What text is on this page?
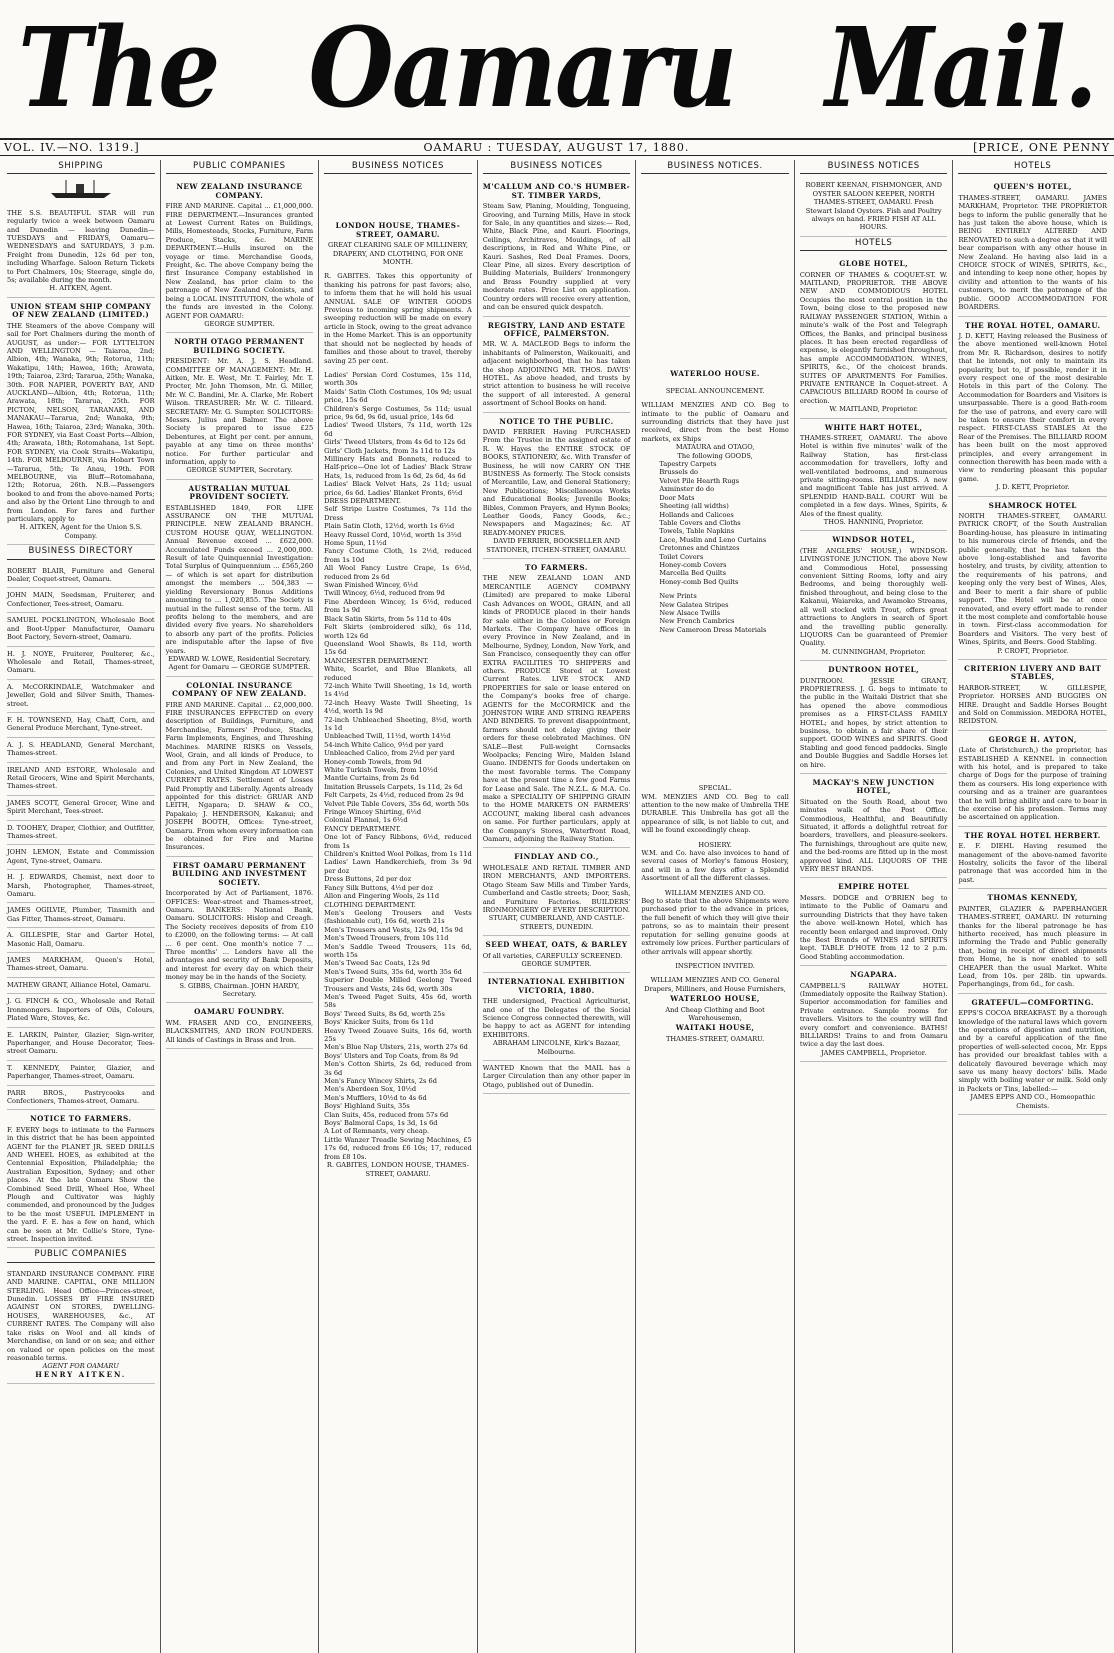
The Oamaru Mail.
VOL. IV.—NO. 1319.]	OAMARU : TUESDAY, AUGUST 17, 1880.	[PRICE, ONE PENNY
SHIPPING
THE S.S. BEAUTIFUL STAR will run regularly twice a week between Oamaru and Dunedin — leaving Dunedin—TUESDAYS and FRIDAYS, Oamaru—WEDNESDAYS and SATURDAYS, 3 p.m. Freight from Dunedin, 12s 6d per ton, including Wharfage. Saloon Return Tickets to Port Chalmers, 10s; Steerage, single do, 5s; available during the month.
H. AITKEN, Agent.
UNION STEAM SHIP COMPANY OF NEW ZEALAND (LIMITED.)
THE Steamers of the above Company will sail for Port Chalmers during the month of AUGUST, as under:— FOR LYTTELTON AND WELLINGTON — Taiaroa, 2nd; Albion, 4th; Wanaka, 9th; Rotorua, 11th; Wakatipu, 14th; Hawea, 16th; Arawata, 19th; Taiaroa, 23rd; Tararua, 25th; Wanaka, 30th. FOR NAPIER, POVERTY BAY, AND AUCKLAND—Albion, 4th; Rotorua, 11th; Arawata, 18th; Tararua, 25th. FOR PICTON, NELSON, TARANAKI, AND MANAKAU—Tararua, 2nd; Wanaka, 9th; Hawea, 16th; Taiaroa, 23rd; Wanaka, 30th. FOR SYDNEY, via East Coast Ports—Albion, 4th; Arawata, 18th; Rotomahana, 1st Sept. FOR SYDNEY, via Cook Straits—Wakatipu, 14th. FOR MELBOURNE, via Hobart Town—Tararua, 5th; Te Anau, 19th. FOR MELBOURNE, via Bluff—Rotomahana, 12th; Rotorua, 26th. N.B.—Passengers booked to and from the above-named Ports; and also by the Orient Line through to and from London. For fares and further particulars, apply to
H. AITKEN, Agent for the Union S.S. Company.
BUSINESS DIRECTORY
ROBERT BLAIR, Furniture and General Dealer, Coquet-street, Oamaru.
JOHN MAIN, Seedsman, Fruiterer, and Confectioner, Tees-street, Oamaru.
SAMUEL POCKLINGTON, Wholesale Boot and Boot-Upper Manufacturer, Oamaru Boot Factory, Severn-street, Oamaru.
H. J. NOYE, Fruiterer, Poulterer, &c., Wholesale and Retail, Thames-street, Oamaru.
A. McCORKINDALE, Watchmaker and Jeweller, Gold and Silver Smith, Thames-street.
F. H. TOWNSEND, Hay, Chaff, Corn, and General Produce Merchant, Tyne-street.
A. J. S. HEADLAND, General Merchant, Thames-street.
IRELAND AND ESTORE, Wholesale and Retail Grocers, Wine and Spirit Merchants, Thames-street.
JAMES SCOTT, General Grocer, Wine and Spirit Merchant, Tees-street.
D. TOOHEY, Draper, Clothier, and Outfitter, Thames-street.
JOHN LEMON, Estate and Commission Agent, Tyne-street, Oamaru.
H. J. EDWARDS, Chemist, next door to Marsh, Photographer, Thames-street, Oamaru.
JAMES OGILVIE, Plumber, Tinsmith and Gas Fitter, Thames-street, Oamaru.
A. GILLESPIE, Star and Garter Hotel, Masonic Hall, Oamaru.
JAMES MARKHAM, Queen's Hotel, Thames-street, Oamaru.
MATHEW GRANT, Alliance Hotel, Oamaru.
J. G. FINCH & CO., Wholesale and Retail Ironmongers. Importers of Oils, Colours, Plated Ware, Stoves, &c.
E. LARKIN, Painter, Glazier, Sign-writer, Paperhanger, and House Decorator, Tees-street Oamaru.
T. KENNEDY, Painter, Glazier, and Paperhanger, Thames-street, Oamaru.
PARR BROS., Pastrycooks and Confectioners, Thames-street, Oamaru.
NOTICE TO FARMERS.
F. EVERY begs to intimate to the Farmers in this district that he has been appointed AGENT for the PLANET JR. SEED DRILLS AND WHEEL HOES, as exhibited at the Centennial Exposition, Philadelphia; the Australian Exposition, Sydney; and other places. At the late Oamaru Show the Combined Seed Drill, Wheel Hoe, Wheel Plough and Cultivator was highly commended, and pronounced by the Judges to be the most USEFUL IMPLEMENT in the yard. F. E. has a few on hand, which can be seen at Mr. Collie's Store, Tyne-street. Inspection invited.
PUBLIC COMPANIES
STANDARD INSURANCE COMPANY. FIRE AND MARINE. CAPITAL, ONE MILLION STERLING. Head Office—Princes-street, Dunedin. LOSSES BY FIRE INSURED AGAINST ON STORES, DWELLING-HOUSES, WAREHOUSES, &c., AT CURRENT RATES. The Company will also take risks on Wool and all kinds of Merchandise, on land or on sea; and either on valued or open policies on the most reasonable terms.
AGENT FOR OAMARU
HENRY AITKEN.
PUBLIC COMPANIES
NEW ZEALAND INSURANCE COMPANY.
FIRE AND MARINE. Capital ... £1,000,000. FIRE DEPARTMENT.—Insurances granted at Lowest Current Rates on Buildings, Mills, Homesteads, Stocks, Furniture, Farm Produce, Stacks, &c. MARINE DEPARTMENT.—Hulls insured on the voyage or time. Merchandise Goods, Freight, &c. The above Company being the first Insurance Company established in New Zealand, has prior claim to the patronage of New Zealand Colonists, and being a LOCAL INSTITUTION, the whole of the funds are invested in the Colony. AGENT FOR OAMARU:
GEORGE SUMPTER.
NORTH OTAGO PERMANENT BUILDING SOCIETY.
PRESIDENT: Mr. A. J. S. Headland. COMMITTEE OF MANAGEMENT: Mr. H. Aitken, Mr. E. West, Mr. T. Fairley, Mr. T. Procter, Mr. John Thomson, Mr. G. Miller, Mr. W. C. Bandini, Mr. A. Clarke, Mr. Robert Wilson. TREASURER: Mr. W. C. Tilleard. SECRETARY: Mr. G. Sumpter. SOLICITORS: Messrs. Julius and Balmer. The above Society is prepared to issue £25 Debentures, at Eight per cent. per annum, payable at any time on three months' notice. For further particular and information, apply to
GEORGE SUMPTER, Secretary.
AUSTRALIAN MUTUAL PROVIDENT SOCIETY.
ESTABLISHED 1849, FOR LIFE ASSURANCE ON THE MUTUAL PRINCIPLE. NEW ZEALAND BRANCH. CUSTOM HOUSE QUAY, WELLINGTON. Annual Revenue exceed ... £622,000. Accumulated Funds exceed ... 2,000,000. Result of late Quinquennial Investigation: Total Surplus of Quinquennium ... £565,260 — of which is set apart for distribution amongst the members ... 504,383 — yielding Reversionary Bonus Additions amounting to ... 1,020,855. The Society is mutual in the fullest sense of the term. All profits belong to the members, and are divided every five years. No shareholders to absorb any part of the profits. Policies are indisputable after the lapse of five years.
EDWARD W. LOWE, Residential Secretary. Agent for Oamaru — GEORGE SUMPTER.
COLONIAL INSURANCE COMPANY OF NEW ZEALAND.
FIRE AND MARINE. Capital ... £2,000,000. FIRE INSURANCES EFFECTED on every description of Buildings, Furniture, and Merchandise, Farmers' Produce, Stacks, Farm Implements, Engines, and Threshing Machines. MARINE RISKS on Vessels, Wool, Grain, and all kinds of Produce, to and from any Port in New Zealand, the Colonies, and United Kingdom AT LOWEST CURRENT RATES. Settlement of Losses Paid Promptly and Liberally. Agents already appointed for this district: GRUAR AND LEITH, Ngapara; D. SHAW & CO., Papakaio; J. HENDERSON, Kakanui; and JOSEPH BOOTH, Offices: Tyne-street, Oamaru. From whom every information can be obtained for Fire and Marine Insurances.
FIRST OAMARU PERMANENT BUILDING AND INVESTMENT SOCIETY.
Incorporated by Act of Parliament, 1876. OFFICES: Wear-street and Thames-street, Oamaru. BANKERS: National Bank, Oamaru. SOLICITORS: Hislop and Creagh. The Society receives deposits of from £10 to £2000, on the following terms: — At call ... 6 per cent. One month's notice 7 ... Three months' ... Lenders have all the advantages and security of Bank Deposits, and interest for every day on which their money may be in the hands of the Society.
S. GIBBS, Chairman. JOHN HARDY, Secretary.
OAMARU FOUNDRY.
WM. FRASER AND CO., ENGINEERS, BLACKSMITHS, AND IRON FOUNDERS. All kinds of Castings in Brass and Iron.
BUSINESS NOTICES
LONDON HOUSE, THAMES-STREET, OAMARU.
GREAT CLEARING SALE OF MILLINERY, DRAPERY, AND CLOTHING, FOR ONE MONTH.
R. GABITES. Takes this opportunity of thanking his patrons for past favors; also, to inform them that he will hold his usual ANNUAL SALE OF WINTER GOODS Previous to incoming spring shipments. A sweeping reduction will be made on every article in Stock, owing to the great advance in the Home Market. This is an opportunity that should not be neglected by heads of families and those about to travel, thereby saving 25 per cent.
Ladies' Persian Cord Costumes, 15s 11d, worth 30s
Maids' Satin Cloth Costumes, 10s 9d; usual price, 15s 6d
Children's Serge Costumes, 5s 11d; usual price, 9s 6d, 9s 6d, usual price, 14s 6d
Ladies' Tweed Ulsters, 7s 11d, worth 12s 6d
Girls' Tweed Ulsters, from 4s 6d to 12s 6d
Girls' Cloth Jackets, from 3s 11d to 12s
Millinery Hats and Bonnets, reduced to Half-price—One lot of Ladies' Black Straw Hats, 1s, reduced from 1s 6d, 2s 6d, 4s 6d
Ladies' Black Velvet Hats, 2s 11d; usual price, 6s 6d. Ladies' Blanket Fronts, 6½d
DRESS DEPARTMENT.
Self Stripe Lustre Costumes, 7s 11d the Dress
Plain Satin Cloth, 12½d, worth 1s 6½d
Heavy Russel Cord, 10½d, worth 1s 3½d
Home Spun, 11½d
Fancy Costume Cloth, 1s 2½d, reduced from 1s 10d
All Wool Fancy Lustre Crape, 1s 6½d, reduced from 2s 6d
Swan Finished Wincey, 6½d
Twill Wincey, 6½d, reduced from 9d
Fine Aberdeen Wincey, 1s 6½d, reduced from 1s 9d
Black Satin Skirts, from 5s 11d to 40s
Felt Skirts (embroidered silk), 6s 11d, worth 12s 6d
Queensland Wool Shawls, 8s 11d, worth 15s 6d
MANCHESTER DEPARTMENT.
White, Scarlet, and Blue Blankets, all reduced
72-inch White Twill Sheeting, 1s 1d, worth 1s 4½d
72-inch Heavy Waste Twill Sheeting, 1s 4½d, worth 1s 9d
72-inch Unbleached Sheeting, 8½d, worth 1s 1d
Unbleached Twill, 11½d, worth 14½d
54-inch White Calico, 9½d per yard
Unbleached Calico, from 2½d per yard
Honey-comb Towels, from 9d
White Turkish Towels, from 10½d
Mantle Curtains, from 2s 6d
Imitation Brussels Carpets, 1s 11d, 2s 6d
Felt Carpets, 2s 4½d, reduced from 2s 9d
Velvet Pile Table Covers, 35s 6d, worth 50s
Fringe Wincey Shirting, 6½d
Colonial Flannel, 1s 6½d
FANCY DEPARTMENT.
One lot of Fancy Ribbons, 6½d, reduced from 1s
Children's Knitted Wool Polkas, from 1s 11d
Ladies' Lawn Handkerchiefs, from 3s 9d per doz
Dress Buttons, 2d per doz
Fancy Silk Buttons, 4½d per doz
Allon and Fingering Wools, 2s 11d
CLOTHING DEPARTMENT.
Men's Geelong Trousers and Vests (fashionable cut), 16s 6d, worth 21s
Men's Trousers and Vests, 12s 9d, 15s 9d
Men's Tweed Trousers, from 10s 11d
Men's Saddle Tweed Trousers, 11s 6d, worth 15s
Men's Tweed Sac Coats, 12s 9d
Men's Tweed Suits, 35s 6d, worth 35s 6d
Superior Double Milled Geelong Tweed Trousers and Vests, 24s 6d, worth 30s
Men's Tweed Paget Suits, 45s 6d, worth 58s
Boys' Tweed Suits, 8s 6d, worth 25s
Boys' Knicker Suits, from 6s 11d
Heavy Tweed Zouave Suits, 16s 6d, worth 25s
Men's Blue Nap Ulsters, 21s, worth 27s 6d
Boys' Ulsters and Top Coats, from 8s 9d
Men's Cotton Shirts, 2s 6d, reduced from 3s 6d
Men's Fancy Wincey Shirts, 2s 6d
Men's Aberdeen Sox, 10½d
Men's Mufflers, 10½d to 4s 6d
Boys' Highland Suits, 35s
Clan Suits, 45s, reduced from 57s 6d
Boys' Balmoral Caps, 1s 3d, 1s 6d
A Lot of Remnants, very cheap.
Little Wanzer Treadle Sewing Machines, £5 17s 6d, reduced from £6 10s; 17, reduced from £8 10s.
R. GABITES, LONDON HOUSE, THAMES-STREET, OAMARU.
BUSINESS NOTICES
M'CALLUM AND CO.'S HUMBER-ST. TIMBER YARDS,
Steam Saw, Planing, Moulding, Tongueing, Grooving, and Turning Mills, Have in stock for Sale, in any quantities and sizes:— Red, White, Black Pine, and Kauri. Floorings, Ceilings, Architraves, Mouldings, of all descriptions, in Red and White Pine, or Kauri. Sashes, Red Deal Frames. Doors, Clear Pine, all sizes. Every description of Building Materials, Builders' Ironmongery and Brass Foundry supplied at very moderate rates. Price List on application. Country orders will receive every attention, and can be ensured quick despatch.
REGISTRY, LAND AND ESTATE OFFICE, PALMERSTON.
MR. W. A. MACLEOD Begs to inform the inhabitants of Palmerston, Waikouaiti, and adjacent neighborhood, that he has taken the shop ADJOINING MR. THOS. DAVIS' HOTEL. As above headed, and trusts by strict attention to business he will receive the support of all interested. A general assortment of School Books on hand.
NOTICE TO THE PUBLIC.
DAVID FERRIER Having PURCHASED From the Trustee in the assigned estate of R. W. Hayes the ENTIRE STOCK OF BOOKS, STATIONERY, &c. With Transfer of Business, he will now CARRY ON THE BUSINESS As formerly. The Stock consists of Mercantile, Law, and General Stationery; New Publications; Miscellaneous Works and Educational Books; Juvenile Books; Bibles, Common Prayers, and Hymn Books; Leather Goods, Fancy Goods, &c.; Newspapers and Magazines; &c. AT READY-MONEY PRICES.
DAVID FERRIER, BOOKSELLER AND STATIONER, ITCHEN-STREET, OAMARU.
TO FARMERS.
THE NEW ZEALAND LOAN AND MERCANTILE AGENCY COMPANY (Limited) are prepared to make Liberal Cash Advances on WOOL, GRAIN, and all kinds of PRODUCE placed in their hands for sale either in the Colonies or Foreign Markets. The Company have offices in every Province in New Zealand, and in Melbourne, Sydney, London, New York, and San Francisco, consequently they can offer EXTRA FACILITIES TO SHIPPERS and others. PRODUCE Stored at Lowest Current Rates. LIVE STOCK AND PROPERTIES for sale or lease entered on the Company's books free of charge. AGENTS for the McCORMICK and the JOHNSTON WIRE AND STRING REAPERS AND BINDERS. To prevent disappointment, farmers should not delay giving their orders for these celebrated Machines. ON SALE—Best Full-weight Cornsacks Woolpacks; Fencing Wire, Malden Island Guano. INDENTS for Goods undertaken on the most favorable terms. The Company have at the present time a few good Farms for Lease and Sale. The N.Z.L. & M.A. Co. make a SPECIALITY OF SHIPPING GRAIN to the HOME MARKETS ON FARMERS' ACCOUNT, making liberal cash advances on same. For further particulars, apply at the Company's Stores, Waterfront Road, Oamaru, adjoining the Railway Station.
FINDLAY AND CO.,
WHOLESALE AND RETAIL TIMBER AND IRON MERCHANTS, AND IMPORTERS. Otago Steam Saw Mills and Timber Yards, Cumberland and Castle streets; Door, Sash, and Furniture Factories. BUILDERS' IRONMONGERY OF EVERY DESCRIPTION.
STUART, CUMBERLAND, AND CASTLE-STREETS, DUNEDIN.
SEED WHEAT, OATS, & BARLEY
Of all varieties, CAREFULLY SCREENED.
GEORGE SUMPTER.
INTERNATIONAL EXHIBITION VICTORIA, 1880.
THE undersigned, Practical Agriculturist, and one of the Delegates of the Social Science Congress connected therewith, will be happy to act as AGENT for intending EXHIBITORS.
ABRAHAM LINCOLNE, Kirk's Bazaar, Melbourne.
WANTED Known that the MAIL has a Larger Circulation than any other paper in Otago, published out of Dunedin.
BUSINESS NOTICES.
WATERLOO HOUSE.
SPECIAL ANNOUNCEMENT.
WILLIAM MENZIES AND CO. Beg to intimate to the public of Oamaru and surrounding districts that they have just received, direct from the best Home markets, ex Ships
MATAURA and OTAGO,
The following GOODS,
Tapestry Carpets
Brussels do
Velvet Pile Hearth Rugs
Axminster do do
Door Mats
Sheeting (all widths)
Hollands and Calicoes
Table Covers and Cloths
Towels, Table Napkins
Lace, Muslin and Leno Curtains
Cretonnes and Chintzes
Toilet Covers
Honey-comb Covers
Marcella Bed Quilts
Honey-comb Bed Quilts
New Prints
New Galatea Stripes
New Alsace Twills
New French Cambrics
New Cameroon Dress Materials
SPECIAL.
WM. MENZIES AND CO. Beg to call attention to the new make of Umbrella THE DURABLE. This Umbrella has got all the appearance of silk, is not liable to cut, and will be found exceedingly cheap.
HOSIERY.
W.M. and Co. have also invoices to hand of several cases of Morley's famous Hosiery, and will in a few days offer a Splendid Assortment of all the different classes.
WILLIAM MENZIES AND CO.
Beg to state that the above Shipments were purchased prior to the advance in prices, the full benefit of which they will give their patrons, so as to maintain their present reputation for selling genuine goods at extremely low prices. Further particulars of other arrivals will appear shortly.
INSPECTION INVITED.
WILLIAM MENZIES AND CO. General Drapers, Milliners, and House Furnishers,
WATERLOO HOUSE,
And Cheap Clothing and Boot Warehousemen,
WAITAKI HOUSE,
THAMES-STREET, OAMARU.
BUSINESS NOTICES
ROBERT KEENAN, FISHMONGER, AND OYSTER SALOON KEEPER, NORTH THAMES-STREET, OAMARU. Fresh Stewart Island Oysters. Fish and Poultry always on hand. FRIED FISH AT ALL HOURS.
HOTELS
GLOBE HOTEL,
CORNER OF THAMES & COQUET-ST. W. MAITLAND, PROPRIETOR. THE ABOVE NEW AND COMMODIOUS HOTEL Occupies the most central position in the Town, being close to the proposed new RAILWAY PASSENGER STATION, Within a minute's walk of the Post and Telegraph Offices, the Banks, and principal business places. It has been erected regardless of expense, is elegantly furnished throughout, has ample ACCOMMODATION. WINES, SPIRITS, &c., Of the choicest brands. SUITES OF APARTMENTS For Families. PRIVATE ENTRANCE In Coquet-street. A CAPACIOUS BILLIARD ROOM In course of erection.
W. MAITLAND, Proprietor.
WHITE HART HOTEL,
THAMES-STREET, OAMARU. The above Hotel is within five minutes' walk of the Railway Station, has first-class accommodation for travellers, lofty and well-ventilated bedrooms, and numerous private sitting-rooms. BILLIARDS. A new and magnificent Table has just arrived. A SPLENDID HAND-BALL COURT Will be completed in a few days. Wines, Spirits, & Ales of the finest quality.
THOS. HANNING, Proprietor.
WINDSOR HOTEL,
(THE ANGLERS' HOUSE,) WINDSOR-LIVINGSTONE JUNCTION. The above New and Commodious Hotel, possessing convenient Sitting Rooms, lofty and airy Bedrooms, and being thoroughly well-finished throughout, and being close to the Kakanui, Waiareka, and Awamoko Streams, all well stocked with Trout, offers great attractions to Anglers in search of Sport and the travelling public generally. LIQUORS Can be guaranteed of Premier Quality.
M. CUNNINGHAM, Proprietor.
DUNTROON HOTEL,
DUNTROON. JESSIE GRANT, PROPRIETRESS. J. G. begs to intimate to the public in the Waitaki District that she has opened the above commodious premises as a FIRST-CLASS FAMILY HOTEL; and hopes, by strict attention to business, to obtain a fair share of their support. GOOD WINES and SPIRITS. Good Stabling and good fenced paddocks. Single and Double Buggies and Saddle Horses let on hire.
MACKAY'S NEW JUNCTION HOTEL,
Situated on the South Road, about two minutes walk of the Post Office. Commodious, Healthful, and Beautifully Situated, it affords a delightful retreat for boarders, travellers, and pleasure-seekers. The furnishings, throughout are quite new, and the bed-rooms are fitted up in the most approved kind. ALL LIQUORS OF THE VERY BEST BRANDS.
EMPIRE HOTEL
Messrs. DODGE and O'BRIEN beg to intimate to the Public of Oamaru and surrounding Districts that they have taken the above well-known Hotel, which has recently been enlarged and improved. Only the Best Brands of WINES and SPIRITS kept. TABLE D'HOTE from 12 to 2 p.m. Good Stabling accommodation.
NGAPARA.
CAMPBELL'S RAILWAY HOTEL (Immediately opposite the Railway Station). Superior accommodation for families and Private entrance. Sample rooms for travellers. Visitors to the country will find every comfort and convenience. BATHS! BILLIARDS! Trains to and from Oamaru twice a day the last does.
JAMES CAMPBELL, Proprietor.
HOTELS
QUEEN'S HOTEL,
THAMES-STREET, OAMARU. JAMES MARKHAM, Proprietor. THE PROPRIETOR begs to inform the public generally that he has just taken the above house, which is BEING ENTIRELY ALTERED AND RENOVATED to such a degree as that it will bear comparison with any other house in New Zealand. He having also laid in a CHOICE STOCK of WINES, SPIRITS, &c., and intending to keep none other, hopes by civility and attention to the wants of his customers, to merit the patronage of the public. GOOD ACCOMMODATION FOR BOARDERS.
THE ROYAL HOTEL, OAMARU.
J. D. KETT, Having released the Business of the above mentioned well-known Hotel from Mr. R. Richardson, desires to notify that he intends, not only to maintain its popularity, but to, if possible, render it in every respect one of the most desirable Hotels in this part of the Colony. The Accommodation for Boarders and Visitors is unsurpassable. There is a good Bath-room for the use of patrons, and every care will be taken to ensure their comfort in every respect. FIRST-CLASS STABLES At the Rear of the Premises. The BILLIARD ROOM has been built on the most approved principles, and every arrangement in connection therewith has been made with a view to rendering pleasant this popular game.
J. D. KETT, Proprietor.
SHAMROCK HOTEL
NORTH THAMES-STREET, OAMARU. PATRICK CROFT, of the South Australian Boarding-house, has pleasure in intimating to his numerous circle of friends, and the public generally, that he has taken the above long-established and favorite hostelry, and trusts, by civility, attention to the requirements of his patrons, and keeping only the very best of Wines, Ales, and Beer to merit a fair share of public support. The Hotel will be at once renovated, and every effort made to render it the most complete and comfortable house in town. First-class accommodation for Boarders and Visitors. The very best of Wines, Spirits, and Beers. Good Stabling.
P. CROFT, Proprietor.
CRITERION LIVERY AND BAIT STABLES,
HARBOR-STREET, W. GILLESPIE, Proprietor. HORSES AND BUGGIES ON HIRE. Draught and Saddle Horses Bought and Sold on Commission. MEDORA HOTEL, REIDSTON.
GEORGE H. AYTON,
(Late of Christchurch,) the proprietor, has ESTABLISHED A KENNEL in connection with his hotel, and is prepared to take charge of Dogs for the purpose of training them as coursers. His long experience with coursing and as a trainer are guarantees that he will bring ability and care to bear in the exercise of his profession. Terms may be ascertained on application.
THE ROYAL HOTEL HERBERT.
E. F. DIEHL Having resumed the management of the above-named favorite Hostelry, solicits the favor of the liberal patronage that was accorded him in the past.
THOMAS KENNEDY,
PAINTER, GLAZIER & PAPERHANGER THAMES-STREET, OAMARU. IN returning thanks for the liberal patronage he has hitherto received, has much pleasure in informing the Trade and Public generally that, being in receipt of direct shipments from Home, he is now enabled to sell CHEAPER than the usual Market. White Lead, from 10s. per 28lb. tin upwards. Paperhangings, from 6d., for cash.
GRATEFUL—COMFORTING.
EPPS'S COCOA BREAKFAST. By a thorough knowledge of the natural laws which govern the operations of digestion and nutrition, and by a careful application of the fine properties of well-selected cocoa, Mr. Epps has provided our breakfast tables with a delicately flavoured beverage which may save us many heavy doctors' bills. Made simply with boiling water or milk. Sold only in Packets or Tins, labelled:—
JAMES EPPS AND CO., Homeopathic Chemists.
